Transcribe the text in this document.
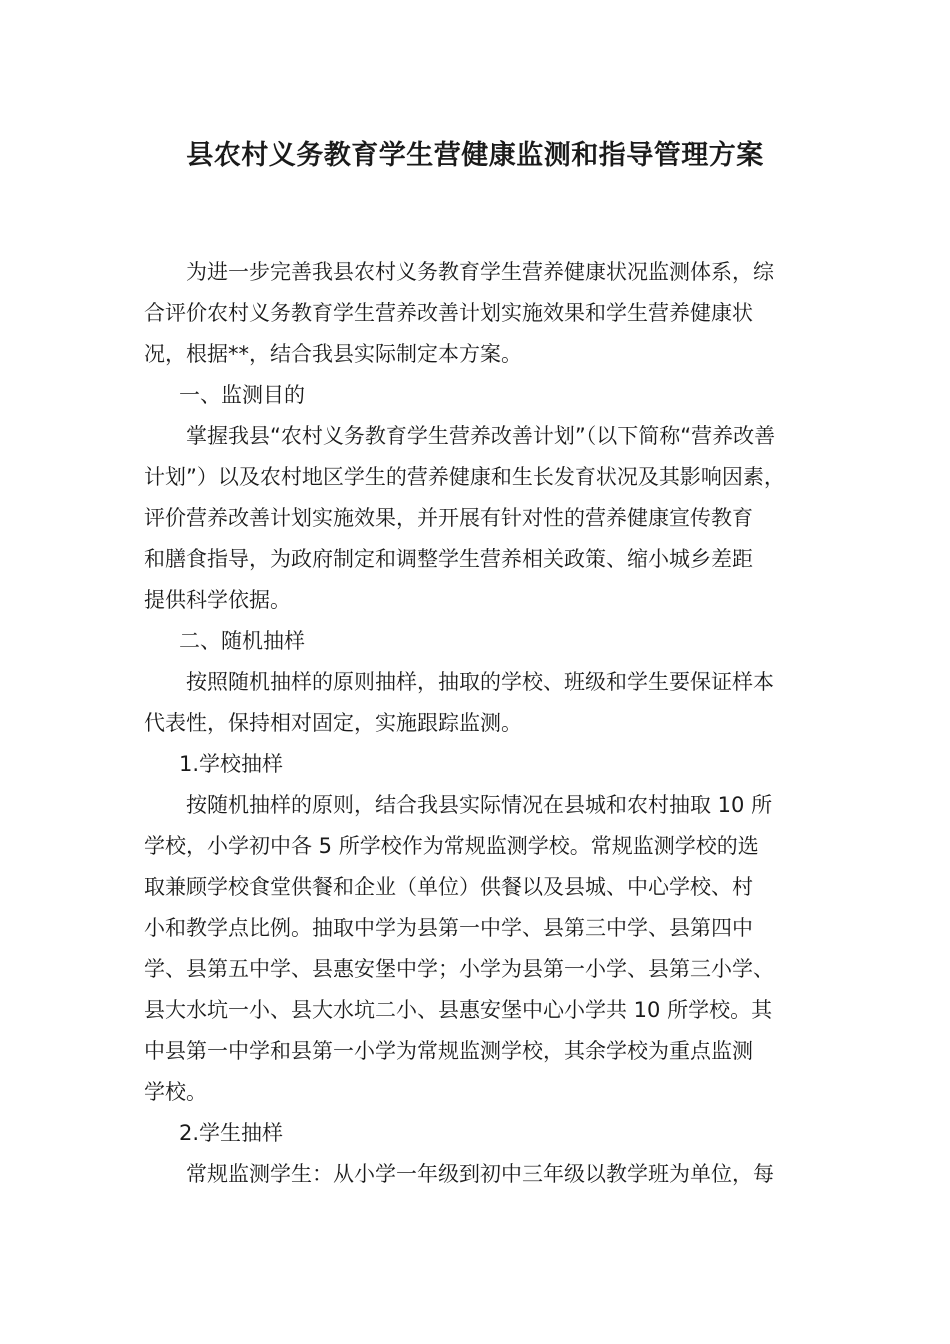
县农村义务教育学生营健康监测和指导管理方案

为进一步完善我县农村义务教育学生营养健康状况监测体系，综
合评价农村义务教育学生营养改善计划实施效果和学生营养健康状
况，根据**，结合我县实际制定本方案。

一、监测目的

掌握我县“农村义务教育学生营养改善计划”（以下简称“营养改善
计划”）以及农村地区学生的营养健康和生长发育状况及其影响因素，
评价营养改善计划实施效果，并开展有针对性的营养健康宣传教育
和膳食指导，为政府制定和调整学生营养相关政策、缩小城乡差距
提供科学依据。

二、随机抽样

按照随机抽样的原则抽样，抽取的学校、班级和学生要保证样本
代表性，保持相对固定，实施跟踪监测。

1.学校抽样

按随机抽样的原则，结合我县实际情况在县城和农村抽取 10 所
学校，小学初中各 5 所学校作为常规监测学校。常规监测学校的选
取兼顾学校食堂供餐和企业（单位）供餐以及县城、中心学校、村
小和教学点比例。抽取中学为县第一中学、县第三中学、县第四中
学、县第五中学、县惠安堡中学；小学为县第一小学、县第三小学、
县大水坑一小、县大水坑二小、县惠安堡中心小学共 10 所学校。其
中县第一中学和县第一小学为常规监测学校，其余学校为重点监测
学校。

2.学生抽样

常规监测学生：从小学一年级到初中三年级以教学班为单位，每
